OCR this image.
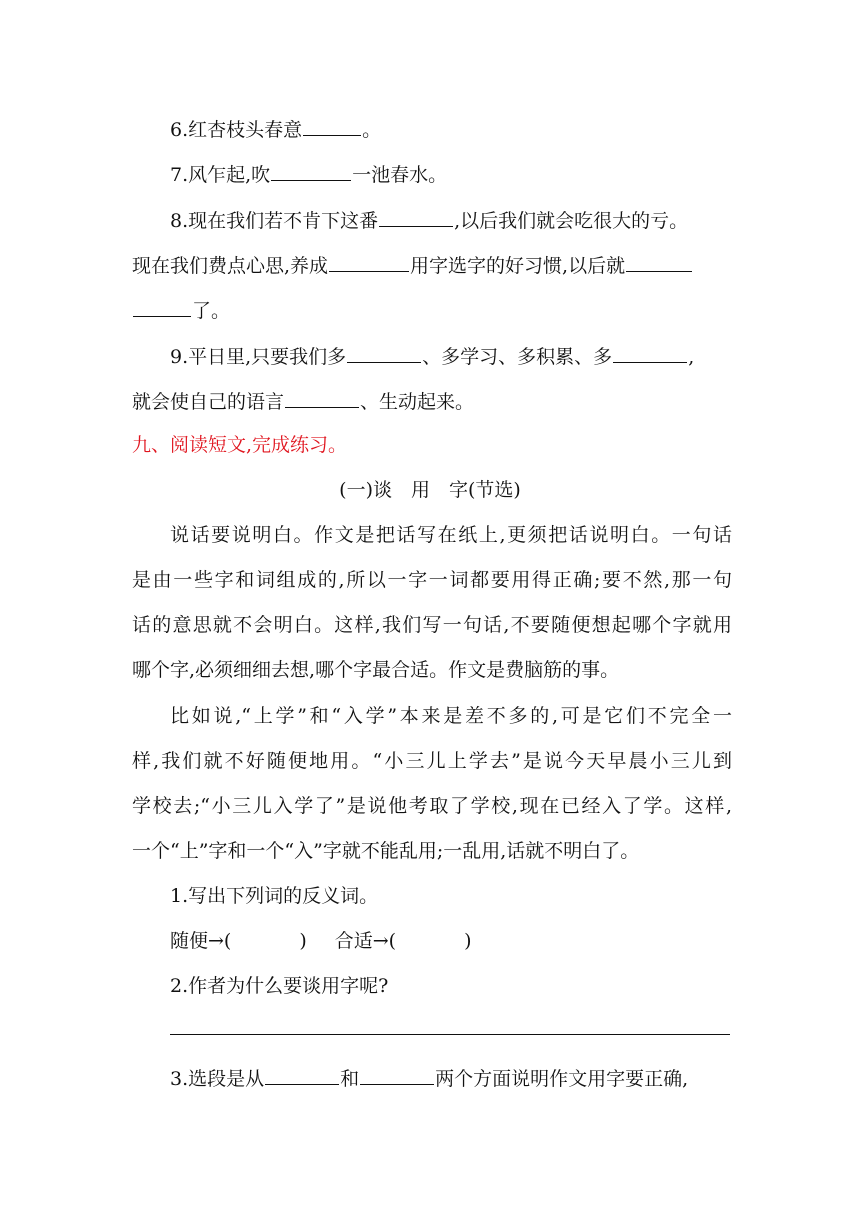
6.红杏枝头春意	。
7.风乍起,吹	一池春水。
8.现在我们若不肯下这番	,以后我们就会吃很大的亏。
现在我们费点心思,养成	用字选字的好习惯,以后就
了。
9.平日里,只要我们多	、多学习、多积累、多	,
就会使自己的语言	、生动起来。
九、阅读短文,完成练习。
(一)谈　用　字(节选)
说话要说明白。作文是把话写在纸上,更须把话说明白。一句话
是由一些字和词组成的,所以一字一词都要用得正确;要不然,那一句
话的意思就不会明白。这样,我们写一句话,不要随便想起哪个字就用
哪个字,必须细细去想,哪个字最合适。作文是费脑筋的事。
比如说,“上学”和“入学”本来是差不多的,可是它们不完全一
样,我们就不好随便地用。“小三儿上学去”是说今天早晨小三儿到
学校去;“小三儿入学了”是说他考取了学校,现在已经入了学。这样,
一个“上”字和一个“入”字就不能乱用;一乱用,话就不明白了。
1.写出下列词的反义词。
随便→(	) 合适→(	)
2.作者为什么要谈用字呢?
3.选段是从	和	两个方面说明作文用字要正确,
